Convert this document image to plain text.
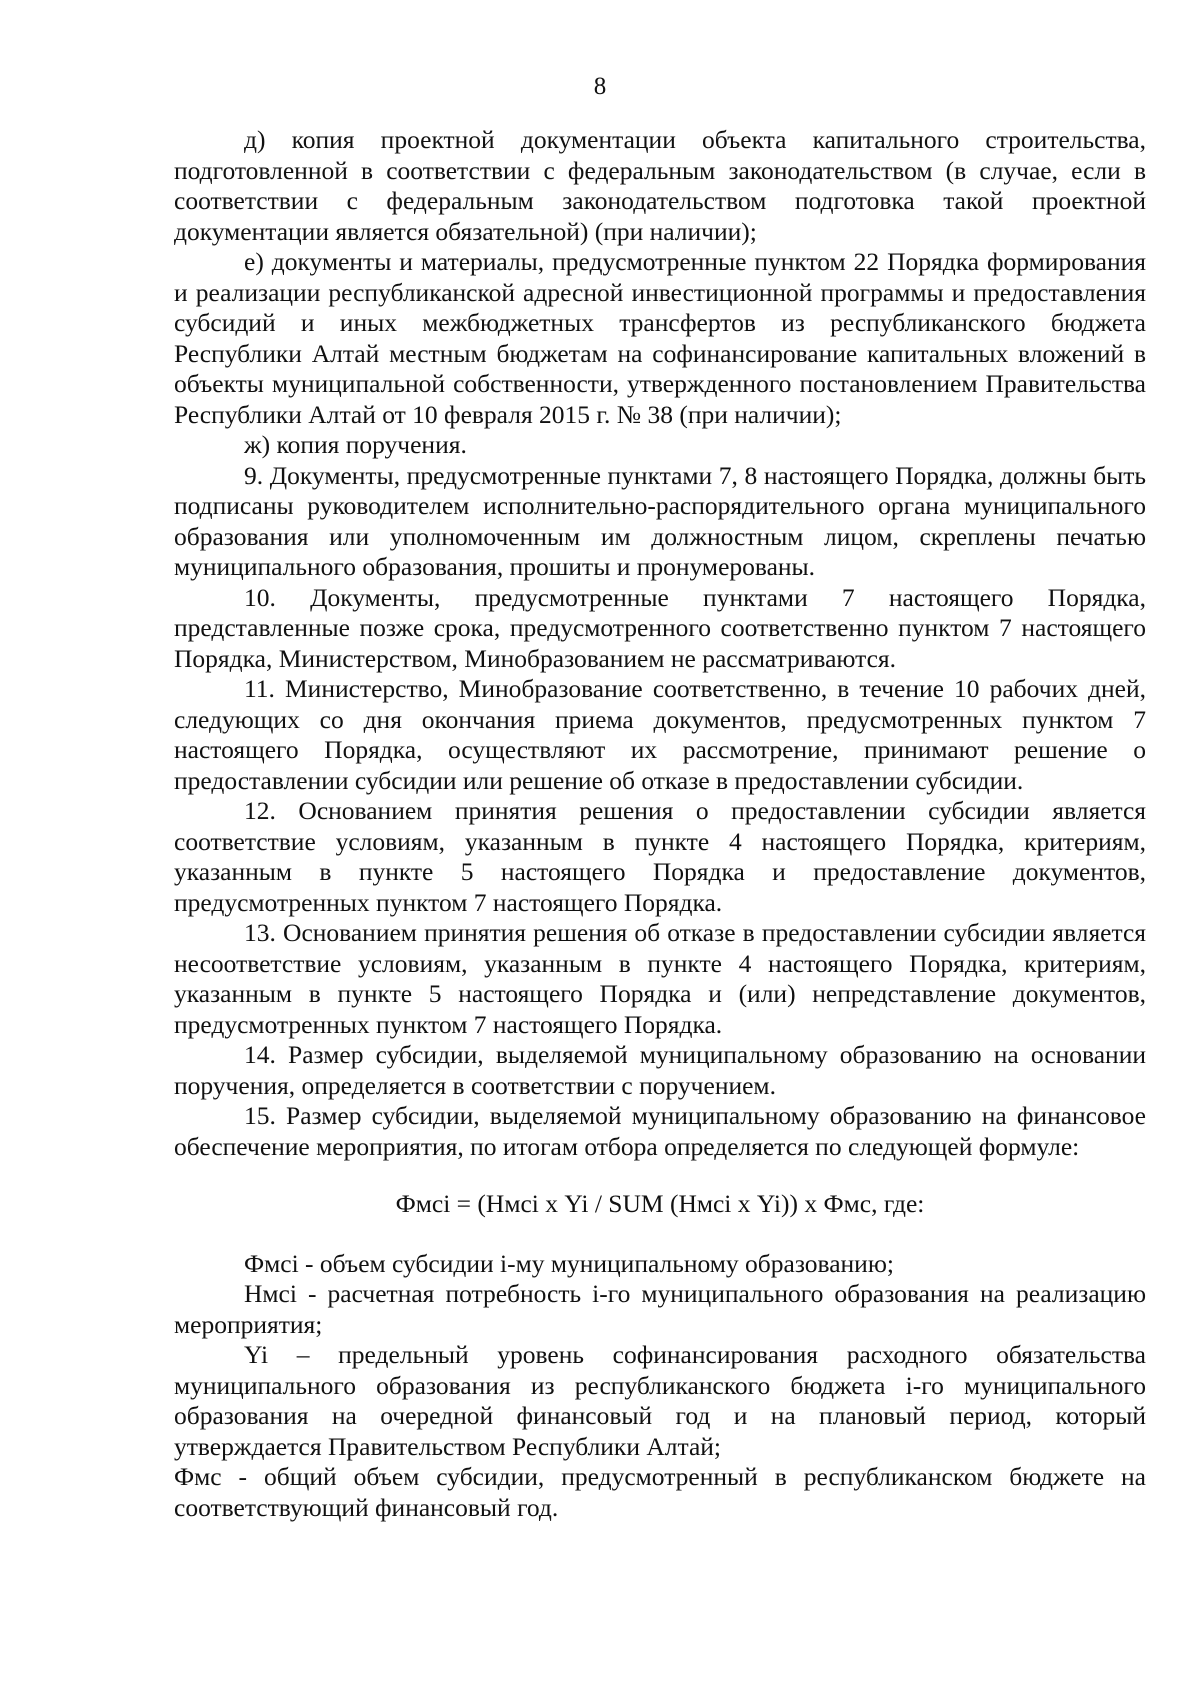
8

д) копия проектной документации объекта капитального строительства, подготовленной в соответствии с федеральным законодательством (в случае, если в соответствии с федеральным законодательством подготовка такой проектной документации является обязательной) (при наличии);

е) документы и материалы, предусмотренные пунктом 22 Порядка формирования и реализации республиканской адресной инвестиционной программы и предоставления субсидий и иных межбюджетных трансфертов из республиканского бюджета Республики Алтай местным бюджетам на софинансирование капитальных вложений в объекты муниципальной собственности, утвержденного постановлением Правительства Республики Алтай от 10 февраля 2015 г. № 38 (при наличии);

ж) копия поручения.

9. Документы, предусмотренные пунктами 7, 8 настоящего Порядка, должны быть подписаны руководителем исполнительно-распорядительного органа муниципального образования или уполномоченным им должностным лицом, скреплены печатью муниципального образования, прошиты и пронумерованы.

10. Документы, предусмотренные пунктами 7 настоящего Порядка, представленные позже срока, предусмотренного соответственно пунктом 7 настоящего Порядка, Министерством, Минобразованием не рассматриваются.

11. Министерство, Минобразование соответственно, в течение 10 рабочих дней, следующих со дня окончания приема документов, предусмотренных пунктом 7 настоящего Порядка, осуществляют их рассмотрение, принимают решение о предоставлении субсидии или решение об отказе в предоставлении субсидии.

12. Основанием принятия решения о предоставлении субсидии является соответствие условиям, указанным в пункте 4 настоящего Порядка, критериям, указанным в пункте 5 настоящего Порядка и предоставление документов, предусмотренных пунктом 7 настоящего Порядка.

13. Основанием принятия решения об отказе в предоставлении субсидии является несоответствие условиям, указанным в пункте 4 настоящего Порядка, критериям, указанным в пункте 5 настоящего Порядка и (или) непредставление документов, предусмотренных пунктом 7 настоящего Порядка.

14. Размер субсидии, выделяемой муниципальному образованию на основании поручения, определяется в соответствии с поручением.

15. Размер субсидии, выделяемой муниципальному образованию на финансовое обеспечение мероприятия, по итогам отбора определяется по следующей формуле:

Фмсi = (Нмсi х Yi / SUM (Нмсi х Yi)) х Фмс, где:

Фмсi - объем субсидии i-му муниципальному образованию;

Нмсi - расчетная потребность i-го муниципального образования на реализацию мероприятия;

Yi – предельный уровень софинансирования расходного обязательства муниципального образования из республиканского бюджета i-го муниципального образования на очередной финансовый год и на плановый период, который утверждается Правительством Республики Алтай;

Фмс - общий объем субсидии, предусмотренный в республиканском бюджете на соответствующий финансовый год.
